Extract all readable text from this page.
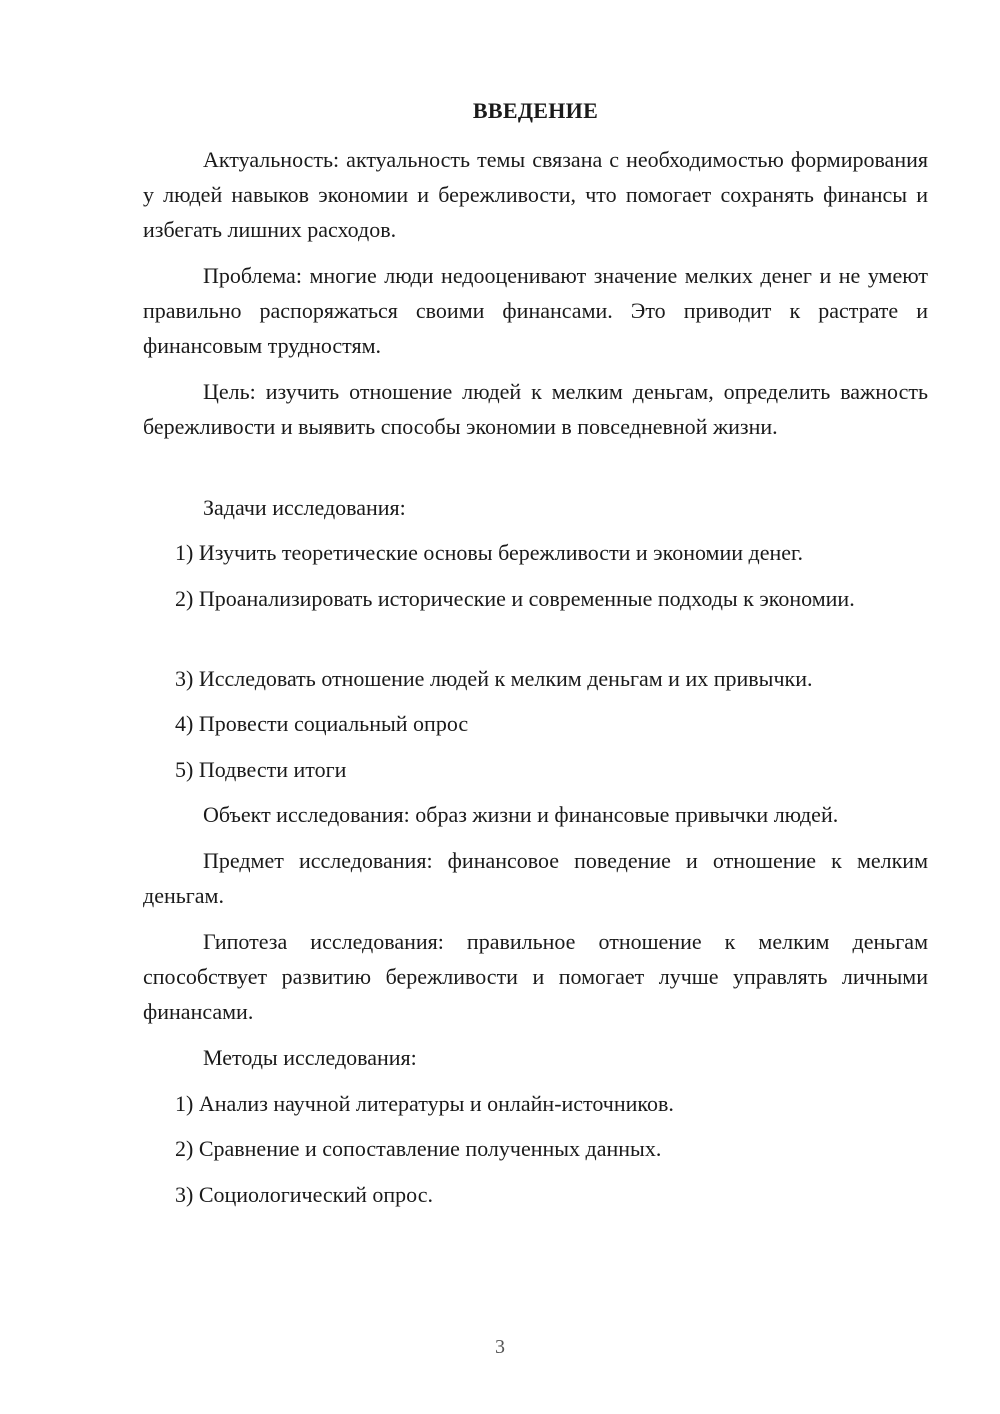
ВВЕДЕНИЕ
Актуальность: актуальность темы связана с необходимостью формирования у людей навыков экономии и бережливости, что помогает сохранять финансы и избегать лишних расходов.
Проблема: многие люди недооценивают значение мелких денег и не умеют правильно распоряжаться своими финансами. Это приводит к растрате и финансовым трудностям.
Цель: изучить отношение людей к мелким деньгам, определить важность бережливости и выявить способы экономии в повседневной жизни.
Задачи исследования:
1) Изучить теоретические основы бережливости и экономии денег.
2) Проанализировать исторические и современные подходы к экономии.
3) Исследовать отношение людей к мелким деньгам и их привычки.
4) Провести социальный опрос
5) Подвести итоги
Объект исследования: образ жизни и финансовые привычки людей.
Предмет исследования: финансовое поведение и отношение к мелким деньгам.
Гипотеза исследования: правильное отношение к мелким деньгам способствует развитию бережливости и помогает лучше управлять личными финансами.
Методы исследования:
1) Анализ научной литературы и онлайн-источников.
2) Сравнение и сопоставление полученных данных.
3) Социологический опрос.
3
